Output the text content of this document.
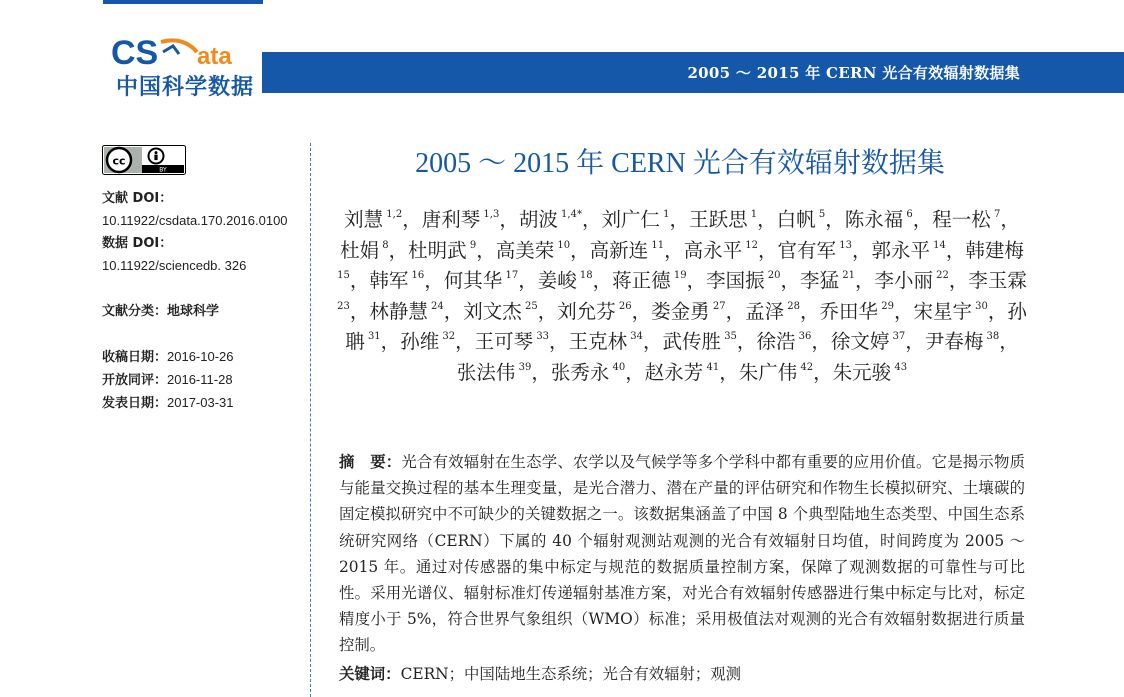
2005 ～ 2015 年 CERN 光合有效辐射数据集
CS ata
中国科学数据
cc
BY
文献 DOI：
10.11922/csdata.170.2016.0100
数据 DOI：
10.11922/sciencedb. 326
文献分类：地球科学
收稿日期：2016-10-26
开放同评：2016-11-28
发表日期：2017-03-31
2005 ～ 2015 年 CERN 光合有效辐射数据集
刘慧 $^{1,2}$，唐利琴 $^{1,3}$，胡波 $^{1,4*}$，刘广仁 $^1$，王跃思 $^1$，白帆 $^5$，陈永福 $^6$，程一松 $^7$，杜娟 $^8$，杜明武 $^9$，高美荣 $^{10}$，高新连 $^{11}$，高永平 $^{12}$，官有军 $^{13}$，郭永平 $^{14}$，韩建梅 $^{15}$，韩军 $^{16}$，何其华 $^{17}$，姜峻 $^{18}$，蒋正德 $^{19}$，李国振 $^{20}$，李猛 $^{21}$，李小丽 $^{22}$，李玉霖 $^{23}$，林静慧 $^{24}$，刘文杰 $^{25}$，刘允芬 $^{26}$，娄金勇 $^{27}$，孟泽 $^{28}$，乔田华 $^{29}$，宋星宇 $^{30}$，孙聃 $^{31}$，孙维 $^{32}$，王可琴 $^{33}$，王克林 $^{34}$，武传胜 $^{35}$，徐浩 $^{36}$，徐文婷 $^{37}$，尹春梅 $^{38}$，张法伟 $^{39}$，张秀永 $^{40}$，赵永芳 $^{41}$，朱广伟 $^{42}$，朱元骏 $^{43}$
摘　要：光合有效辐射在生态学、农学以及气候学等多个学科中都有重要的应用价值。它是揭示物质与能量交换过程的基本生理变量，是光合潜力、潜在产量的评估研究和作物生长模拟研究、土壤碳的固定模拟研究中不可缺少的关键数据之一。该数据集涵盖了中国 8 个典型陆地生态类型、中国生态系统研究网络（CERN）下属的 40 个辐射观测站观测的光合有效辐射日均值，时间跨度为 2005 ～ 2015 年。通过对传感器的集中标定与规范的数据质量控制方案，保障了观测数据的可靠性与可比性。采用光谱仪、辐射标准灯传递辐射基准方案，对光合有效辐射传感器进行集中标定与比对，标定精度小于 5%，符合世界气象组织（WMO）标准；采用极值法对观测的光合有效辐射数据进行质量控制。
关键词：CERN；中国陆地生态系统；光合有效辐射；观测
